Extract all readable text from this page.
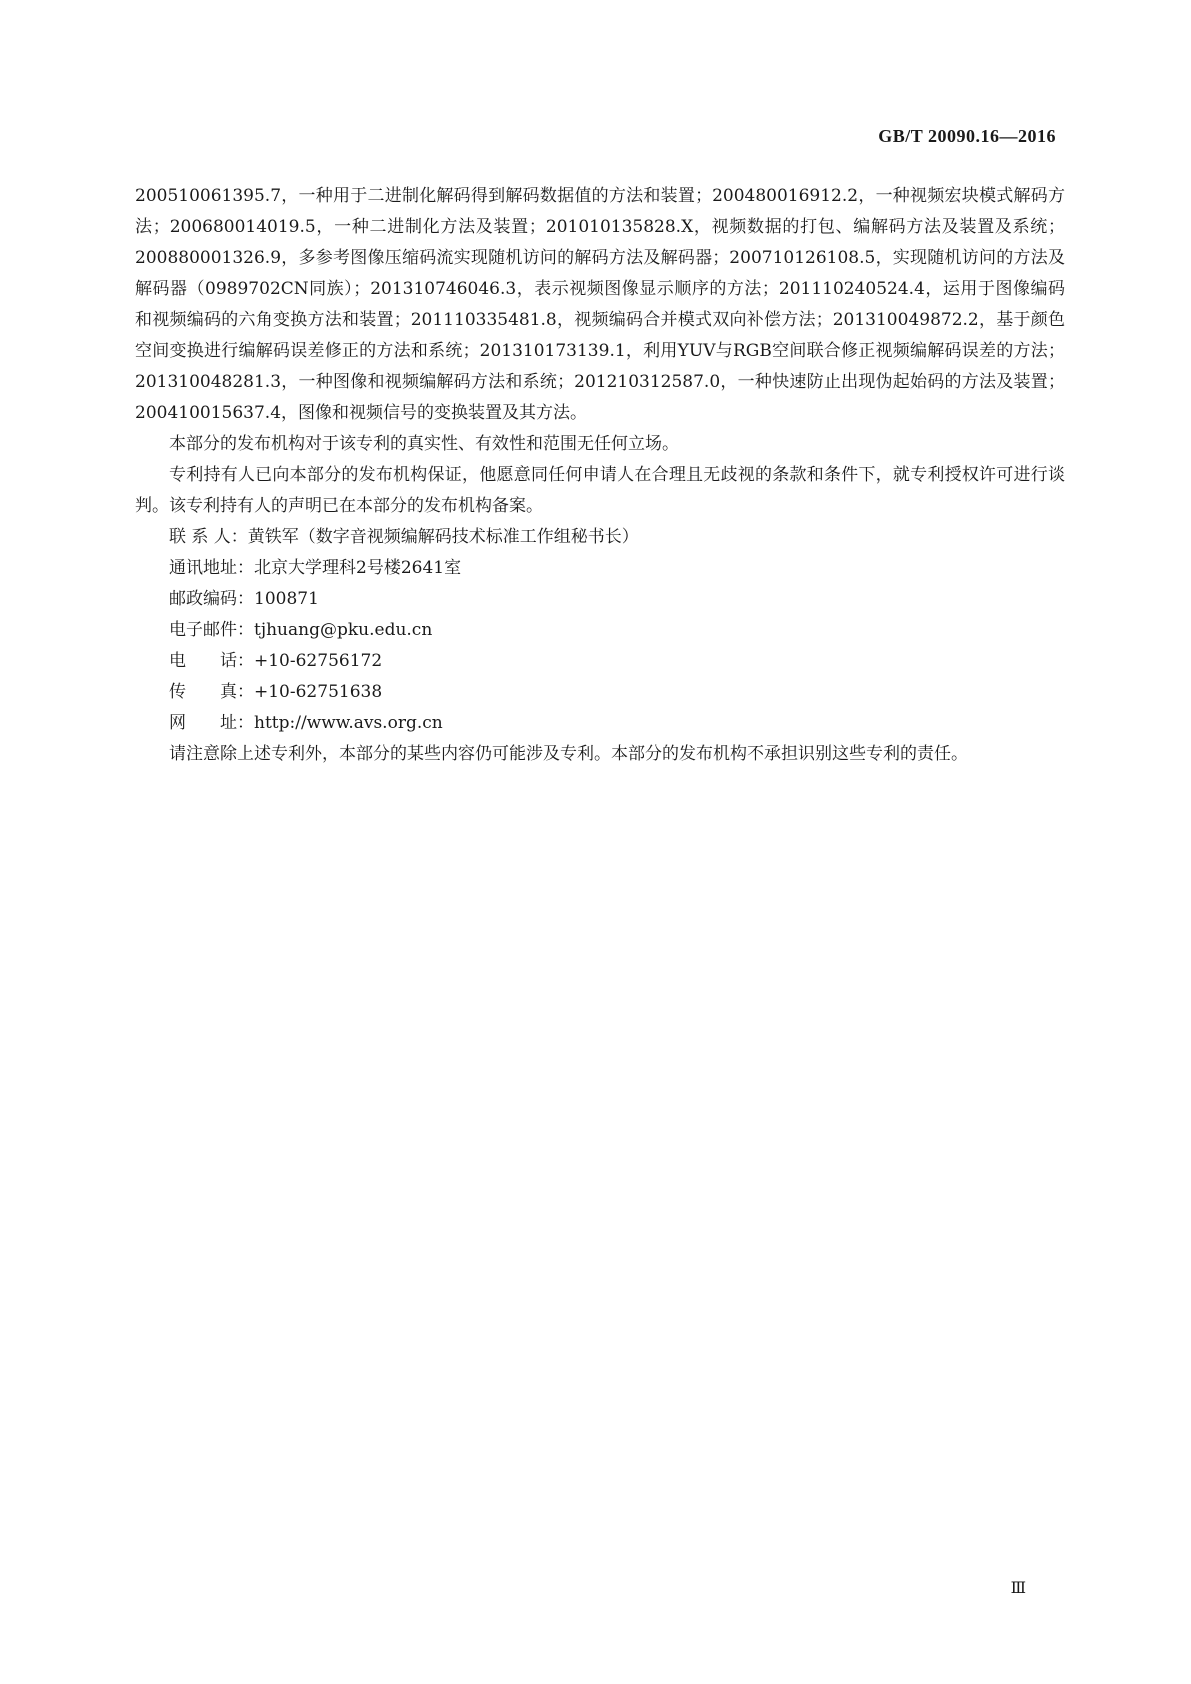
GB/T 20090.16—2016

200510061395.7，一种用于二进制化解码得到解码数据值的方法和装置；200480016912.2，一种视频宏块模式解码方法；200680014019.5，一种二进制化方法及装置；201010135828.X，视频数据的打包、编解码方法及装置及系统；200880001326.9，多参考图像压缩码流实现随机访问的解码方法及解码器；200710126108.5，实现随机访问的方法及解码器（0989702CN同族）；201310746046.3，表示视频图像显示顺序的方法；201110240524.4，运用于图像编码和视频编码的六角变换方法和装置；201110335481.8，视频编码合并模式双向补偿方法；201310049872.2，基于颜色空间变换进行编解码误差修正的方法和系统；201310173139.1，利用YUV与RGB空间联合修正视频编解码误差的方法；201310048281.3，一种图像和视频编解码方法和系统；201210312587.0，一种快速防止出现伪起始码的方法及装置；200410015637.4，图像和视频信号的变换装置及其方法。

本部分的发布机构对于该专利的真实性、有效性和范围无任何立场。

专利持有人已向本部分的发布机构保证，他愿意同任何申请人在合理且无歧视的条款和条件下，就专利授权许可进行谈判。该专利持有人的声明已在本部分的发布机构备案。

联 系 人：黄铁军（数字音视频编解码技术标准工作组秘书长）

通讯地址：北京大学理科2号楼2641室

邮政编码：100871

电子邮件：tjhuang@pku.edu.cn

电　　话：+10-62756172

传　　真：+10-62751638

网　　址：http://www.avs.org.cn

请注意除上述专利外，本部分的某些内容仍可能涉及专利。本部分的发布机构不承担识别这些专利的责任。

Ⅲ
